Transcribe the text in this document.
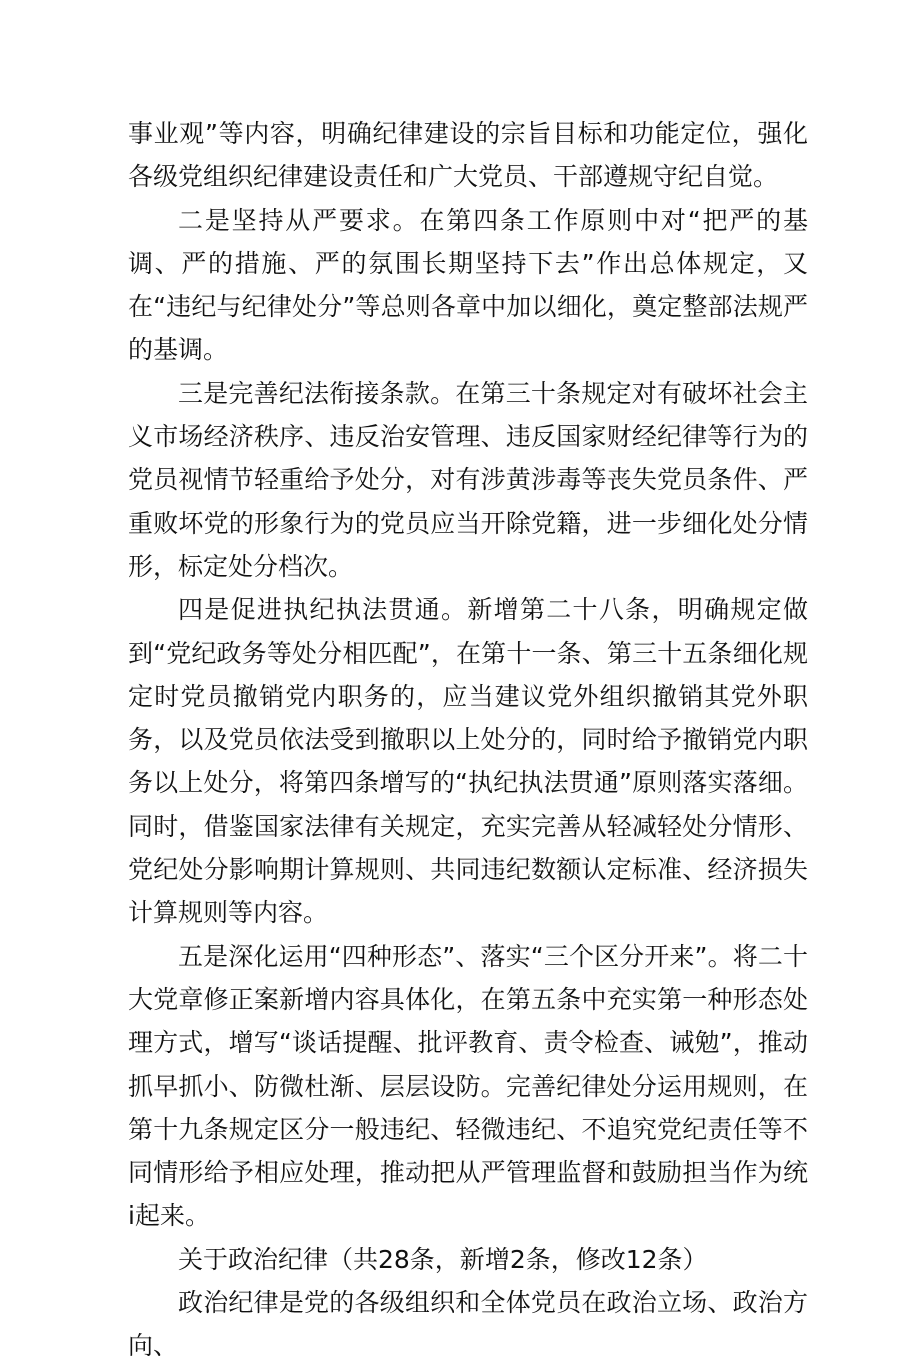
事业观”等内容，明确纪律建设的宗旨目标和功能定位，强化各级党组织纪律建设责任和广大党员、干部遵规守纪自觉。

二是坚持从严要求。在第四条工作原则中对“把严的基调、严的措施、严的氛围长期坚持下去”作出总体规定，又在“违纪与纪律处分”等总则各章中加以细化，奠定整部法规严的基调。

三是完善纪法衔接条款。在第三十条规定对有破坏社会主义市场经济秩序、违反治安管理、违反国家财经纪律等行为的党员视情节轻重给予处分，对有涉黄涉毒等丧失党员条件、严重败坏党的形象行为的党员应当开除党籍，进一步细化处分情形，标定处分档次。

四是促进执纪执法贯通。新增第二十八条，明确规定做到“党纪政务等处分相匹配”，在第十一条、第三十五条细化规定时党员撤销党内职务的，应当建议党外组织撤销其党外职务，以及党员依法受到撤职以上处分的，同时给予撤销党内职务以上处分，将第四条增写的“执纪执法贯通”原则落实落细。同时，借鉴国家法律有关规定，充实完善从轻减轻处分情形、党纪处分影响期计算规则、共同违纪数额认定标准、经济损失计算规则等内容。

五是深化运用“四种形态”、落实“三个区分开来”。将二十大党章修正案新增内容具体化，在第五条中充实第一种形态处理方式，增写“谈话提醒、批评教育、责令检查、诫勉”，推动抓早抓小、防微杜渐、层层设防。完善纪律处分运用规则，在第十九条规定区分一般违纪、轻微违纪、不追究党纪责任等不同情形给予相应处理，推动把从严管理监督和鼓励担当作为统i起来。

关于政治纪律（共28条，新增2条，修改12条）

政治纪律是党的各级组织和全体党员在政治立场、政治方向、
